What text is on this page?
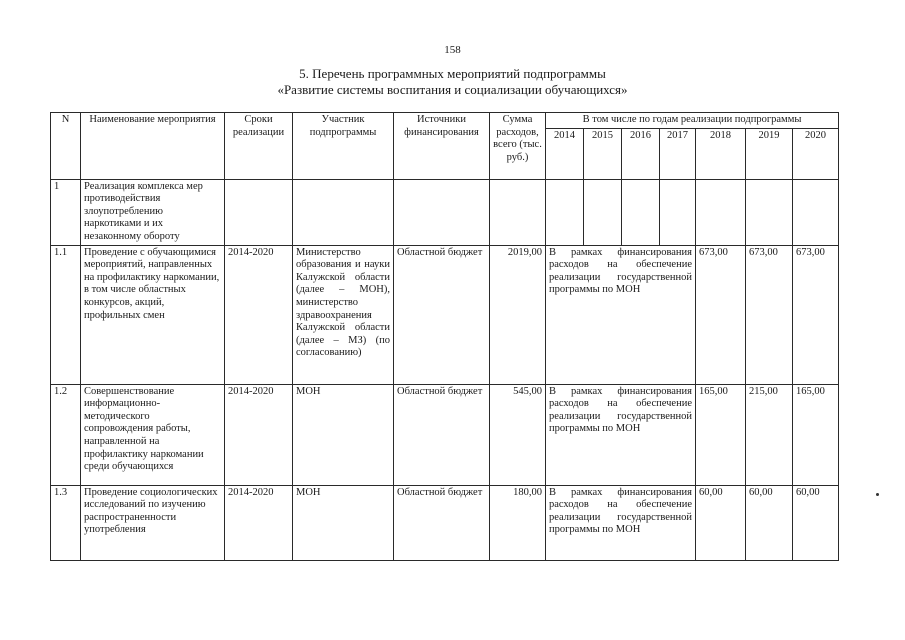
158
5. Перечень программных мероприятий подпрограммы
«Развитие системы воспитания и социализации обучающихся»
N	Наименование мероприятия	Сроки реализации	Участник подпрограммы	Источники финансирования	Сумма расходов, всего (тыс. руб.)	В том числе по годам реализации подпрограммы						
						2014	2015	2016	2017	2018	2019	2020
1	Реализация комплекса мер противодействия злоупотреблению наркотиками и их незаконному обороту											
1.1	Проведение с обучающимися мероприятий, направленных на профилактику наркомании, в том числе областных конкурсов, акций, профильных смен	2014-2020	Министерство образования и науки Калужской области (далее – МОН), министерство здравоохранения Калужской области (далее – МЗ) (по согласованию)	Областной бюджет	2019,00	В рамках финансирования расходов на обеспечение реализации государственной программы по МОН				673,00	673,00	673,00
1.2	Совершенствование информационно-методического сопровождения работы, направленной на профилактику наркомании среди обучающихся	2014-2020	МОН	Областной бюджет	545,00	В рамках финансирования расходов на обеспечение реализации государственной программы по МОН				165,00	215,00	165,00
1.3	Проведение социологических исследований по изучению распространенности употребления	2014-2020	МОН	Областной бюджет	180,00	В рамках финансирования расходов на обеспечение реализации государственной программы по МОН				60,00	60,00	60,00
